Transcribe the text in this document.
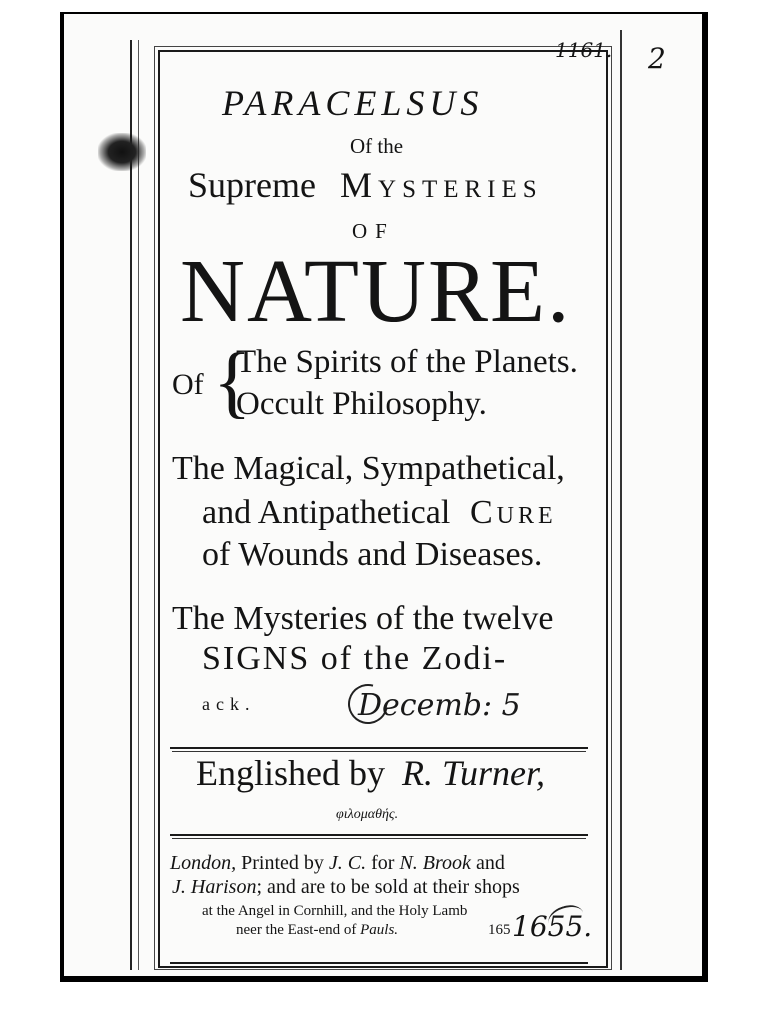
1161. 2
PARACELSUS
Of the
Supreme Mysteries
OF
NATURE.
Of {
The Spirits of the Planets.
Occult Philosophy.
The Magical, Sympathetical,
and Antipathetical Cure
of Wounds and Diseases.
The Mysteries of the twelve
SIGNS of the Zodi-
ack.	Decemb: 5
Englished by R. Turner,
φιλομαθής.
London, Printed by J. C. for N. Brook and
J. Harison; and are to be sold at their shops
at the Angel in Cornhill, and the Holy Lamb
neer the East-end of Pauls.	165 1655.
